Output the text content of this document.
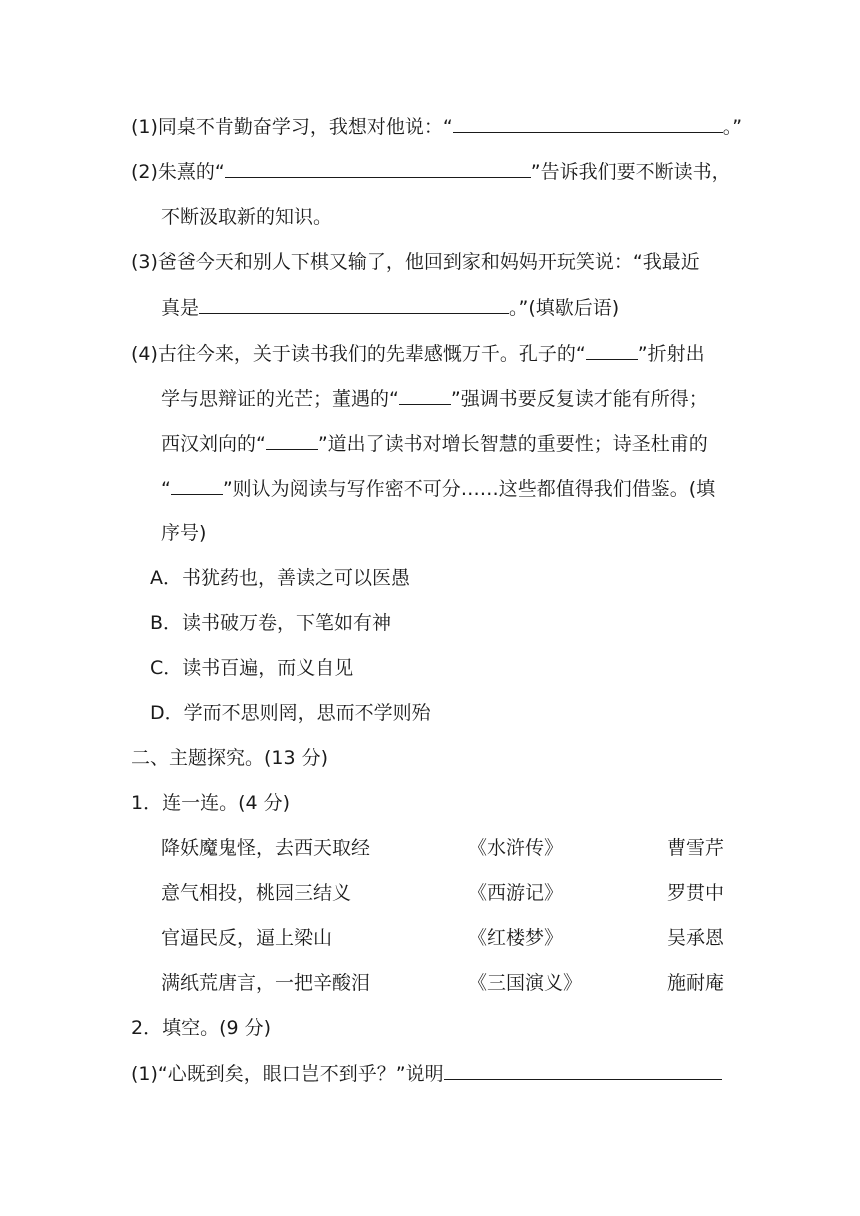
(1)同桌不肯勤奋学习，我想对他说：“	。”
(2)朱熹的“	”告诉我们要不断读书，
不断汲取新的知识。
(3)爸爸今天和别人下棋又输了，他回到家和妈妈开玩笑说：“我最近
真是	。”(填歇后语)
(4)古往今来，关于读书我们的先辈感慨万千。孔子的“	”折射出
学与思辩证的光芒；董遇的“	”强调书要反复读才能有所得；
西汉刘向的“	”道出了读书对增长智慧的重要性；诗圣杜甫的
“	”则认为阅读与写作密不可分……这些都值得我们借鉴。(填
序号)
A．书犹药也，善读之可以医愚
B．读书破万卷，下笔如有神
C．读书百遍，而义自见
D．学而不思则罔，思而不学则殆
二、主题探究。(13 分)
1．连一连。(4 分)
降妖魔鬼怪，去西天取经	《水浒传》	曹雪芹
意气相投，桃园三结义	《西游记》	罗贯中
官逼民反，逼上梁山	《红楼梦》	吴承恩
满纸荒唐言，一把辛酸泪	《三国演义》	施耐庵
2．填空。(9 分)
(1)“心既到矣，眼口岂不到乎？”说明
